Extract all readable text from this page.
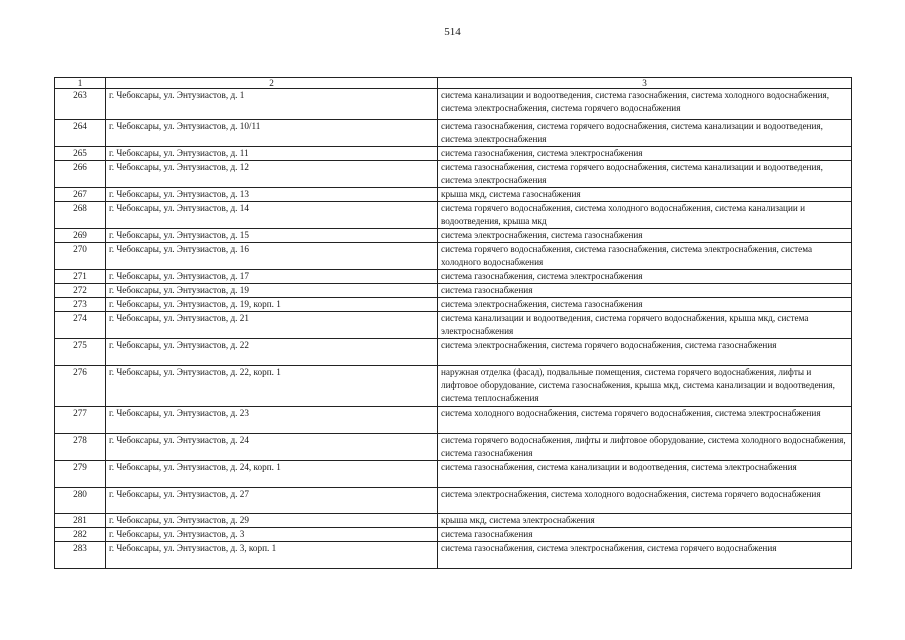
514
1	2	3
263	г. Чебоксары, ул. Энтузиастов, д. 1	система канализации и водоотведения, система газоснабжения, система холодного водоснабжения, система электроснабжения, система горячего водоснабжения
264	г. Чебоксары, ул. Энтузиастов, д. 10/11	система газоснабжения, система горячего водоснабжения, система канализации и водоотведения, система электроснабжения
265	г. Чебоксары, ул. Энтузиастов, д. 11	система газоснабжения, система электроснабжения
266	г. Чебоксары, ул. Энтузиастов, д. 12	система газоснабжения, система горячего водоснабжения, система канализации и водоотведения, система электроснабжения
267	г. Чебоксары, ул. Энтузиастов, д. 13	крыша мкд, система газоснабжения
268	г. Чебоксары, ул. Энтузиастов, д. 14	система горячего водоснабжения, система холодного водоснабжения, система канализации и водоотведения, крыша мкд
269	г. Чебоксары, ул. Энтузиастов, д. 15	система электроснабжения, система газоснабжения
270	г. Чебоксары, ул. Энтузиастов, д. 16	система горячего водоснабжения, система газоснабжения, система электроснабжения, система холодного водоснабжения
271	г. Чебоксары, ул. Энтузиастов, д. 17	система газоснабжения, система электроснабжения
272	г. Чебоксары, ул. Энтузиастов, д. 19	система газоснабжения
273	г. Чебоксары, ул. Энтузиастов, д. 19, корп. 1	система электроснабжения, система газоснабжения
274	г. Чебоксары, ул. Энтузиастов, д. 21	система канализации и водоотведения, система горячего водоснабжения, крыша мкд, система электроснабжения
275	г. Чебоксары, ул. Энтузиастов, д. 22	система электроснабжения, система горячего водоснабжения, система газоснабжения
276	г. Чебоксары, ул. Энтузиастов, д. 22, корп. 1	наружная отделка (фасад), подвальные помещения, система горячего водоснабжения, лифты и лифтовое оборудование, система газоснабжения, крыша мкд, система канализации и водоотведения, система теплоснабжения
277	г. Чебоксары, ул. Энтузиастов, д. 23	система холодного водоснабжения, система горячего водоснабжения, система электроснабжения
278	г. Чебоксары, ул. Энтузиастов, д. 24	система горячего водоснабжения, лифты и лифтовое оборудование, система холодного водоснабжения, система газоснабжения
279	г. Чебоксары, ул. Энтузиастов, д. 24, корп. 1	система газоснабжения, система канализации и водоотведения, система электроснабжения
280	г. Чебоксары, ул. Энтузиастов, д. 27	система электроснабжения, система холодного водоснабжения, система горячего водоснабжения
281	г. Чебоксары, ул. Энтузиастов, д. 29	крыша мкд, система электроснабжения
282	г. Чебоксары, ул. Энтузиастов, д. 3	система газоснабжения
283	г. Чебоксары, ул. Энтузиастов, д. 3, корп. 1	система газоснабжения, система электроснабжения, система горячего водоснабжения
